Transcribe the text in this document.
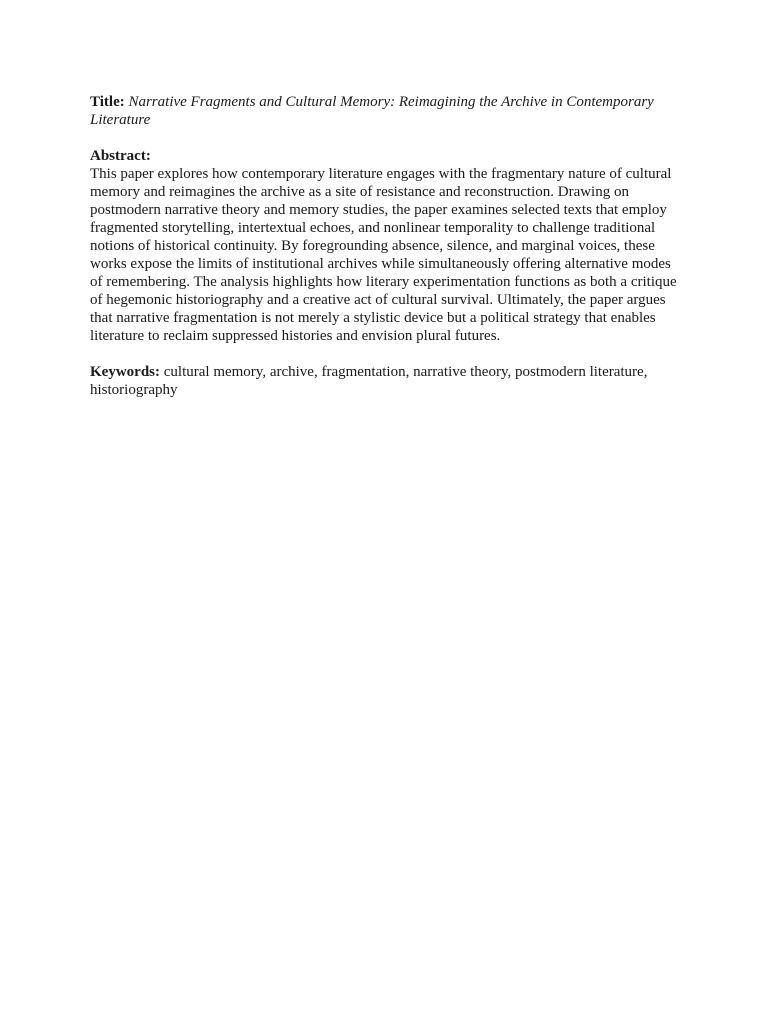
Title: Narrative Fragments and Cultural Memory: Reimagining the Archive in Contemporary Literature

Abstract:

This paper explores how contemporary literature engages with the fragmentary nature of cultural memory and reimagines the archive as a site of resistance and reconstruction. Drawing on postmodern narrative theory and memory studies, the paper examines selected texts that employ fragmented storytelling, intertextual echoes, and nonlinear temporality to challenge traditional notions of historical continuity. By foregrounding absence, silence, and marginal voices, these works expose the limits of institutional archives while simultaneously offering alternative modes of remembering. The analysis highlights how literary experimentation functions as both a critique of hegemonic historiography and a creative act of cultural survival. Ultimately, the paper argues that narrative fragmentation is not merely a stylistic device but a political strategy that enables literature to reclaim suppressed histories and envision plural futures.

Keywords: cultural memory, archive, fragmentation, narrative theory, postmodern literature, historiography
